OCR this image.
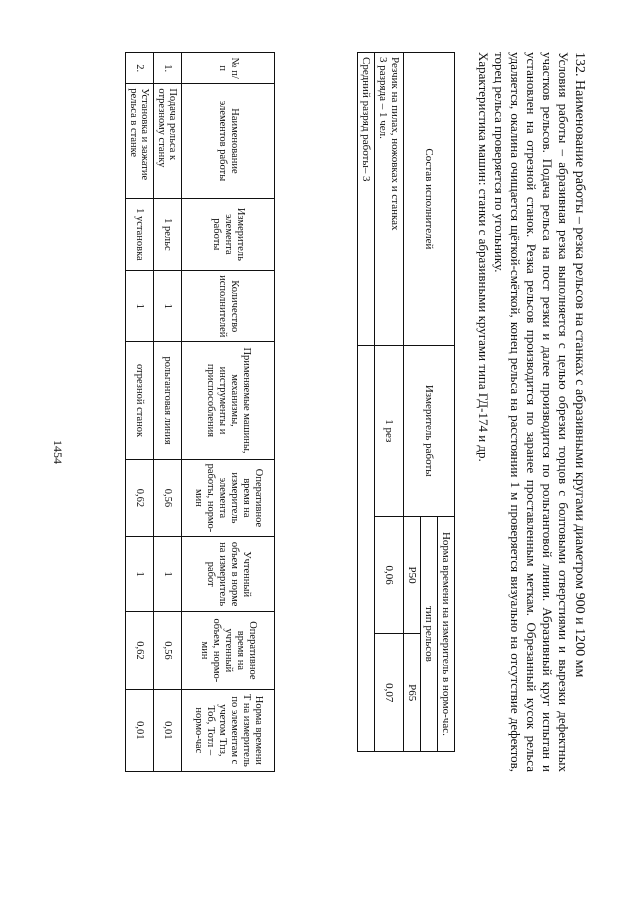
1454	132. Наименование работы – резка рельсов на станках с абразивными кругами диаметром 900 и 1200 мм

Условия работы – абразивная резка выполняется с целью обрезки торцов с болтовыми отверстиями и вырезки дефектных участков рельсов. Подача рельса на пост резки и далее производится по рольганговой линии. Абразивный круг испытан и установлен на отрезной станок. Резка рельсов производится по заранее проставленным меткам. Обрезанный кусок рельса удаляется, окалина очищается щёткой-смёткой, конец рельса на расстоянии 1 м проверяется визуально на отсутствие дефектов, торец рельса проверяется по угольнику.

Характеристика машин: станки с абразивными кругами типа ГД-174 и др.

Состав исполнителей	Измеритель работы	Норма времени на измеритель в нормо-час.	
		тип рельсов	
		Р50	Р65

Резчик на пилах, ножовках и станках
3 разряда – 1 чел.	1 рез	0,06	0,07
Средний разряд работы– 3			
№ п/п	Наименование элементов работы	Измеритель элемента работы	Количество исполнителей	Применяемые машины, механизмы, инструменты и приспособления	Оперативное время на измеритель элемента работы, нормо-мин	Учтенный объем в норме на измеритель работ	Оперативное время на учтенный объем, нормо-мин	Норма времени Т на измеритель по элементам с учетом Тпз, Тоб, Тотл – нормо-час
1.	Подача рельса к отрезному станку	1 рельс	1	рольганговая линия	0,56	1	0,56	0,01
2.	Установка и зажатие рельса в станке	1 установка	1	отрезной станок	0,62	1	0,62	0,01
